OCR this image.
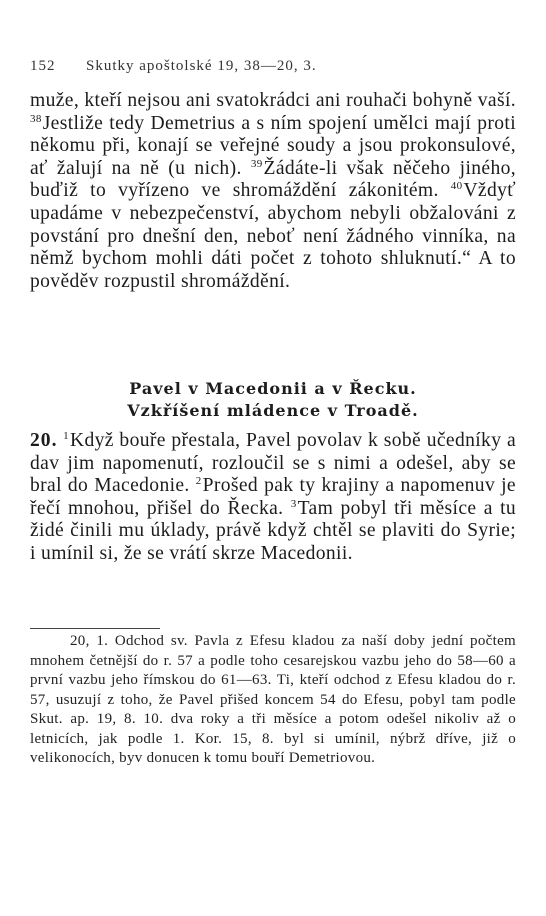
152 Skutky apoštolské 19, 38—20, 3.
muže, kteří nejsou ani svatokrádci ani rouhači bohyně vaší. $^{38}$Jestliže tedy Demetrius a s ním spojení umělci mají proti někomu při, konají se veřejné soudy a jsou prokonsulové, ať žalují na ně (u nich). $^{39}$Žádáte-li však něčeho jiného, buďiž to vyřízeno ve shromáždění zákonitém. $^{40}$Vždyť upadáme v nebezpečenství, abychom nebyli obžalováni z povstání pro dnešní den, neboť není žádného vinníka, na němž bychom mohli dáti počet z tohoto shluknutí.“ A to pověděv rozpustil shromáždění.
Pavel v Macedonii a v Řecku.
Vzkříšení mládence v Troadě.
20. $^1$Když bouře přestala, Pavel povolav k sobě učedníky a dav jim napomenutí, rozloučil se s nimi a odešel, aby se bral do Macedonie. $^2$Prošed pak ty krajiny a napomenuv je řečí mnohou, přišel do Řecka. $^3$Tam pobyl tři měsíce a tu židé činili mu úklady, právě když chtěl se plaviti do Syrie; i umínil si, že se vrátí skrze Macedonii.
20, 1. Odchod sv. Pavla z Efesu kladou za naší doby jední počtem mnohem četnější do r. 57 a podle toho cesarejskou vazbu jeho do 58—60 a první vazbu jeho římskou do 61—63. Ti, kteří odchod z Efesu kladou do r. 57, usuzují z toho, že Pavel přišed koncem 54 do Efesu, pobyl tam podle Skut. ap. 19, 8. 10. dva roky a tři měsíce a potom odešel nikoliv až o letnicích, jak podle 1. Kor. 15, 8. byl si umínil, nýbrž dříve, již o velikonocích, byv donucen k tomu bouří Demetriovou.
